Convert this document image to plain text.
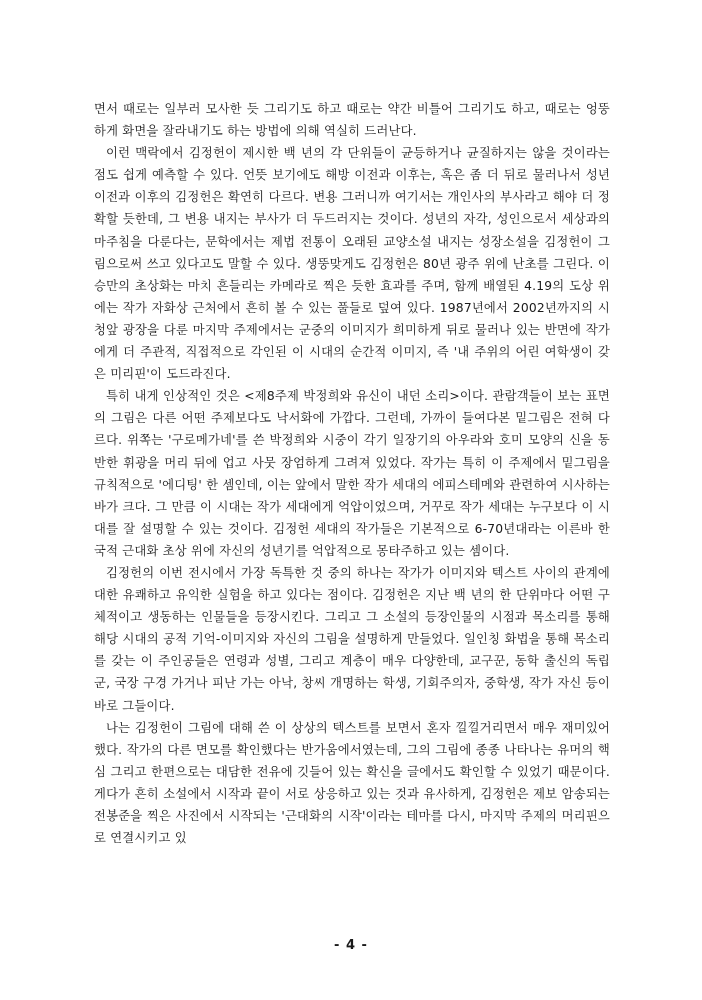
면서 때로는 일부러 모사한 듯 그리기도 하고 때로는 약간 비틀어 그리기도 하고, 때로는 엉뚱하게 화면을 잘라내기도 하는 방법에 의해 역실히 드러난다.

이런 맥락에서 김정헌이 제시한 백 년의 각 단위들이 균등하거나 균질하지는 않을 것이라는 점도 쉽게 예측할 수 있다. 언뜻 보기에도 해방 이전과 이후는, 혹은 좀 더 뒤로 물러나서 성년 이전과 이후의 김정헌은 확연히 다르다. 변용 그러니까 여기서는 개인사의 부사라고 해야 더 정확할 듯한데, 그 변용 내지는 부사가 더 두드러지는 것이다. 성년의 자각, 성인으로서 세상과의 마주침을 다룬다는, 문학에서는 제법 전통이 오래된 교양소설 내지는 성장소설을 김정헌이 그림으로써 쓰고 있다고도 말할 수 있다. 생뚱맞게도 김정헌은 80년 광주 위에 난초를 그린다. 이승만의 초상화는 마치 흔들리는 카메라로 찍은 듯한 효과를 주며, 함께 배열된 4.19의 도상 위에는 작가 자화상 근처에서 흔히 볼 수 있는 풀들로 덮여 있다. 1987년에서 2002년까지의 시청앞 광장을 다룬 마지막 주제에서는 군중의 이미지가 희미하게 뒤로 물러나 있는 반면에 작가에게 더 주관적, 직접적으로 각인된 이 시대의 순간적 이미지, 즉 '내 주위의 어린 여학생이 갖은 미리핀'이 도드라진다.

특히 내게 인상적인 것은 <제8주제 박정희와 유신이 내던 소리>이다. 관람객들이 보는 표면의 그림은 다른 어떤 주제보다도 낙서화에 가깝다. 그런데, 가까이 들여다본 밑그림은 전혀 다르다. 위쪽는 '구로메가네'를 쓴 박정희와 시중이 각기 일장기의 아우라와 호미 모양의 신을 동반한 휘광을 머리 뒤에 업고 사뭇 장엄하게 그려져 있었다. 작가는 특히 이 주제에서 밑그림을 규칙적으로 '에디팅' 한 셈인데, 이는 앞에서 말한 작가 세대의 에피스테메와 관련하여 시사하는 바가 크다. 그 만큼 이 시대는 작가 세대에게 억압이었으며, 거꾸로 작가 세대는 누구보다 이 시대를 잘 설명할 수 있는 것이다. 김정헌 세대의 작가들은 기본적으로 6-70년대라는 이른바 한국적 근대화 초상 위에 자신의 성년기를 억압적으로 몽타주하고 있는 셈이다.

김정헌의 이번 전시에서 가장 독특한 것 중의 하나는 작가가 이미지와 텍스트 사이의 관계에 대한 유쾌하고 유익한 실험을 하고 있다는 점이다. 김정헌은 지난 백 년의 한 단위마다 어떤 구체적이고 생동하는 인물들을 등장시킨다. 그리고 그 소설의 등장인물의 시점과 목소리를 통해 해당 시대의 공적 기억-이미지와 자신의 그림을 설명하게 만들었다. 일인칭 화법을 통해 목소리를 갖는 이 주인공들은 연령과 성별, 그리고 계층이 매우 다양한데, 교구꾼, 동학 출신의 독립군, 국장 구경 가거나 피난 가는 아낙, 창씨 개명하는 학생, 기회주의자, 중학생, 작가 자신 등이 바로 그들이다.

나는 김정헌이 그림에 대해 쓴 이 상상의 텍스트를 보면서 혼자 낄낄거리면서 매우 재미있어 했다. 작가의 다른 면모를 확인했다는 반가움에서였는데, 그의 그림에 종종 나타나는 유머의 핵심 그리고 한편으로는 대담한 전유에 깃들어 있는 확신을 글에서도 확인할 수 있었기 때문이다. 게다가 흔히 소설에서 시작과 끝이 서로 상응하고 있는 것과 유사하게, 김정헌은 제보 암송되는 전봉준을 찍은 사진에서 시작되는 '근대화의 시작'이라는 테마를 다시, 마지막 주제의 머리핀으로 연결시키고 있

- 4 -
